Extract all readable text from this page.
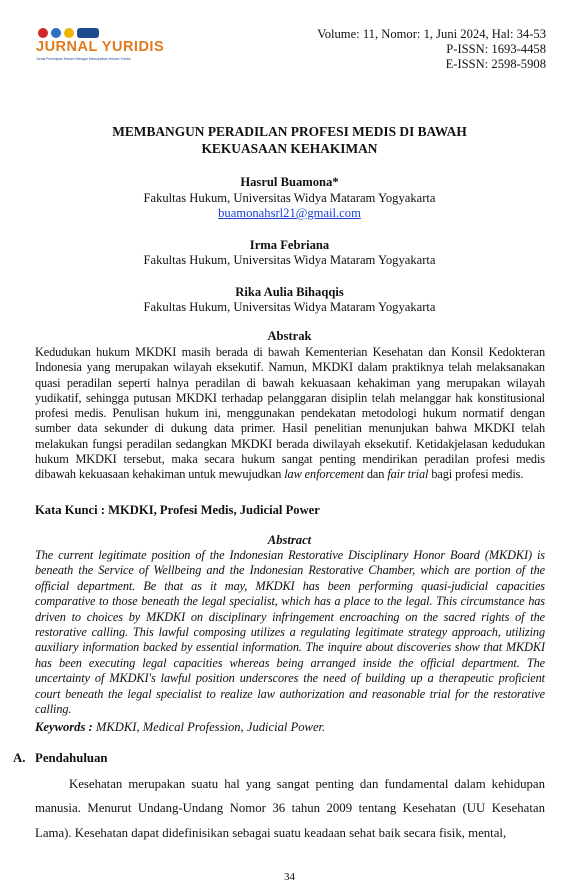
JURNAL YURIDIS
Jurnal Penerapan Hukum Sebagai Mewujudkan Hukum Yuridis
Volume: 11, Nomor: 1, Juni 2024, Hal: 34-53
P-ISSN: 1693-4458
E-ISSN: 2598-5908
MEMBANGUN PERADILAN PROFESI MEDIS DI BAWAH
KEKUASAAN KEHAKIMAN
Hasrul Buamona*
Fakultas Hukum, Universitas Widya Mataram Yogyakarta
buamonahsrl21@gmail.com
Irma Febriana
Fakultas Hukum, Universitas Widya Mataram Yogyakarta
Rika Aulia Bihaqqis
Fakultas Hukum, Universitas Widya Mataram Yogyakarta
Abstrak
Kedudukan hukum MKDKI masih berada di bawah Kementerian Kesehatan dan Konsil Kedokteran Indonesia yang merupakan wilayah eksekutif. Namun, MKDKI dalam praktiknya telah melaksanakan quasi peradilan seperti halnya peradilan di bawah kekuasaan kehakiman yang merupakan wilayah yudikatif, sehingga putusan MKDKI terhadap pelanggaran disiplin telah melanggar hak konstitusional profesi medis. Penulisan hukum ini, menggunakan pendekatan metodologi hukum normatif dengan sumber data sekunder di dukung data primer. Hasil penelitian menunjukan bahwa MKDKI telah melakukan fungsi peradilan sedangkan MKDKI berada diwilayah eksekutif. Ketidakjelasan kedudukan hukum MKDKI tersebut, maka secara hukum sangat penting mendirikan peradilan profesi medis dibawah kekuasaan kehakiman untuk mewujudkan law enforcement dan fair trial bagi profesi medis.
Kata Kunci : MKDKI, Profesi Medis, Judicial Power
Abstract
The current legitimate position of the Indonesian Restorative Disciplinary Honor Board (MKDKI) is beneath the Service of Wellbeing and the Indonesian Restorative Chamber, which are portion of the official department. Be that as it may, MKDKI has been performing quasi-judicial capacities comparative to those beneath the legal specialist, which has a place to the legal. This circumstance has driven to choices by MKDKI on disciplinary infringement encroaching on the sacred rights of the restorative calling. This lawful composing utilizes a regulating legitimate strategy approach, utilizing auxiliary information backed by essential information. The inquire about discoveries show that MKDKI has been executing legal capacities whereas being arranged inside the official department. The uncertainty of MKDKI's lawful position underscores the need of building up a therapeutic proficient court beneath the legal specialist to realize law authorization and reasonable trial for the restorative calling.
Keywords : MKDKI, Medical Profession, Judicial Power.
A. Pendahuluan
Kesehatan merupakan suatu hal yang sangat penting dan fundamental dalam kehidupan manusia. Menurut Undang-Undang Nomor 36 tahun 2009 tentang Kesehatan (UU Kesehatan Lama). Kesehatan dapat didefinisikan sebagai suatu keadaan sehat baik secara fisik, mental,
34
